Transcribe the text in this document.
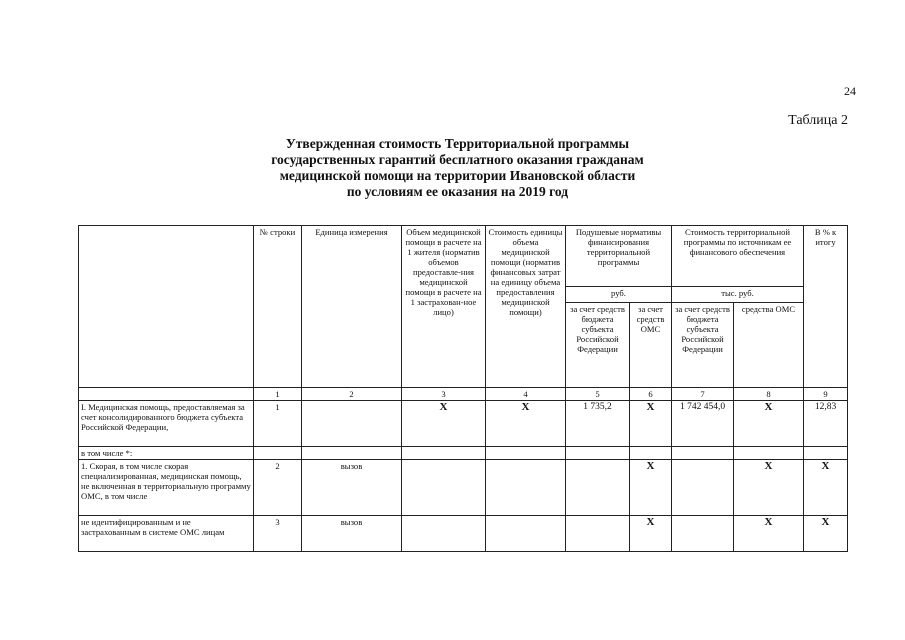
24
Таблица 2
Утвержденная стоимость Территориальной программы
государственных гарантий бесплатного оказания гражданам
медицинской помощи на территории Ивановской области
по условиям ее оказания на 2019 год
	№ строки	Единица измерения	Объем медицинской помощи в расчете на 1 жителя (норматив объемов предоставле-ния медицинской помощи в расчете на 1 застрахован-ное лицо)	Стоимость единицы объема медицинской помощи (норматив финансовых затрат на единицу объема предоставления медицинской помощи)	Подушевые нормативы финансирования территориальной программы		Стоимость территориальной программы по источникам ее финансового обеспечения		В % к итогу
					руб.		тыс. руб.		
					за счет средств бюджета субъекта Российской Федерации	за счет средств ОМС	за счет средств бюджета субъекта Российской Федерации	средства ОМС	
	1	2	3	4	5	6	7	8	9
I. Медицинская помощь, предоставляемая за счет консолидированного бюджета субъекта Российской Федерации,	1		X	X	1 735,2	X	1 742 454,0	X	12,83
в том числе *:									
1. Скорая, в том числе скорая специализированная, медицинская помощь, не включенная в территориальную программу ОМС, в том числе	2	вызов				X		X	X
не идентифицированным и не застрахованным в системе ОМС лицам	3	вызов				X		X	X
